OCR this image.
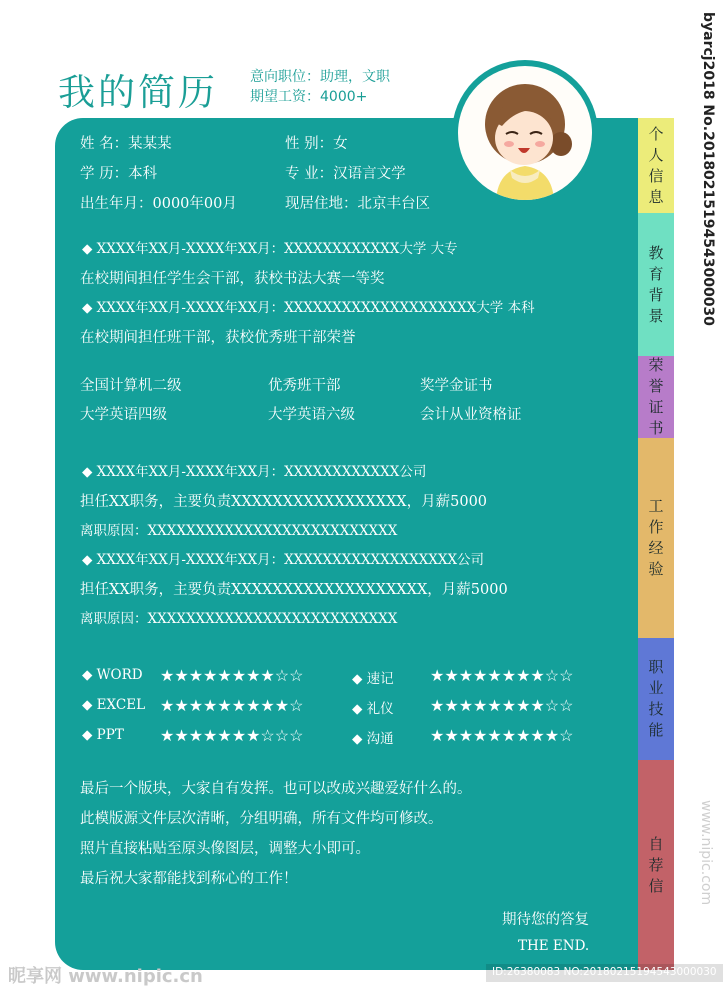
我的简历 意向职位：助理，文职
期望工资：4000+
姓 名：某某某	性 别：女
学 历：本科	专 业：汉语言文学
出生年月：0000年00月	现居住地：北京丰台区
◆ XXXX年XX月-XXXX年XX月：XXXXXXXXXXXX大学 大专
在校期间担任学生会干部，获校书法大赛一等奖
◆ XXXX年XX月-XXXX年XX月：XXXXXXXXXXXXXXXXXXXX大学 本科
在校期间担任班干部，获校优秀班干部荣誉
全国计算机二级	优秀班干部	奖学金证书
大学英语四级	大学英语六级	会计从业资格证
◆ XXXX年XX月-XXXX年XX月：XXXXXXXXXXXX公司
担任XX职务，主要负责XXXXXXXXXXXXXXXXX，月薪5000
离职原因：XXXXXXXXXXXXXXXXXXXXXXXXXX
◆ XXXX年XX月-XXXX年XX月：XXXXXXXXXXXXXXXXXX公司
担任XX职务，主要负责XXXXXXXXXXXXXXXXXXX，月薪5000
离职原因：XXXXXXXXXXXXXXXXXXXXXXXXXX
◆ WORD ★★★★★★★★☆☆	◆ 速记 ★★★★★★★★☆☆
◆ EXCEL ★★★★★★★★★☆	◆ 礼仪 ★★★★★★★★☆☆
◆ PPT ★★★★★★★☆☆☆	◆ 沟通 ★★★★★★★★★☆
最后一个版块，大家自有发挥。也可以改成兴趣爱好什么的。
此模版源文件层次清晰，分组明确，所有文件均可修改。
照片直接粘贴至原头像图层，调整大小即可。
最后祝大家都能找到称心的工作！
期待您的答复
THE END.
个
人
信
息
教
育
背
景
荣
誉
证
书
工
作
经
验
职
业
技
能
自
荐
信
byarcj2018 No.20180215194543000030
www.nipic.com
ID:26380083 NO:20180215194543000030
昵享网 www.nipic.cn
